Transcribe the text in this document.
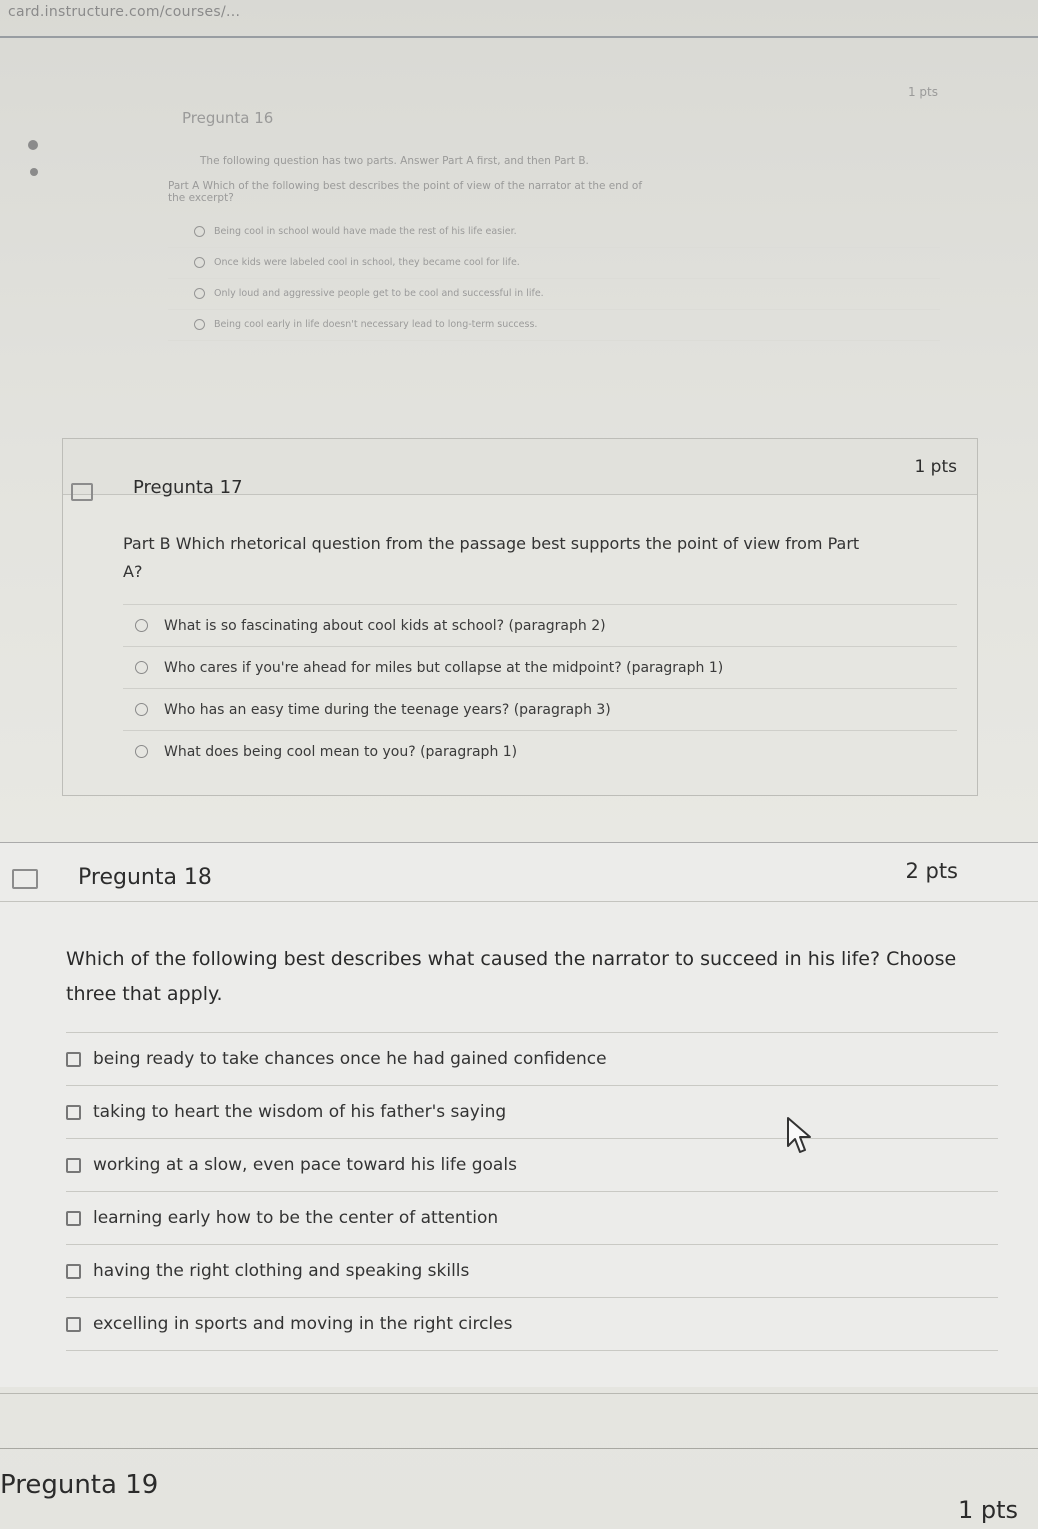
card.instructure.com/courses/...
Pregunta 16
1 pts
The following question has two parts. Answer Part A first, and then Part B.
Part A Which of the following best describes the point of view of the narrator at the end of
the excerpt?
Being cool in school would have made the rest of his life easier.
Once kids were labeled cool in school, they became cool for life.
Only loud and aggressive people get to be cool and successful in life.
Being cool early in life doesn't necessary lead to long-term success.
Pregunta 17
1 pts
Part B Which rhetorical question from the passage best supports the point of view from Part
A?
What is so fascinating about cool kids at school? (paragraph 2)
Who cares if you're ahead for miles but collapse at the midpoint? (paragraph 1)
Who has an easy time during the teenage years? (paragraph 3)
What does being cool mean to you? (paragraph 1)
Pregunta 18	2 pts
Which of the following best describes what caused the narrator to succeed in his life? Choose
three that apply.
being ready to take chances once he had gained confidence
taking to heart the wisdom of his father's saying
working at a slow, even pace toward his life goals
learning early how to be the center of attention
having the right clothing and speaking skills
excelling in sports and moving in the right circles
Pregunta 19
1 pts
